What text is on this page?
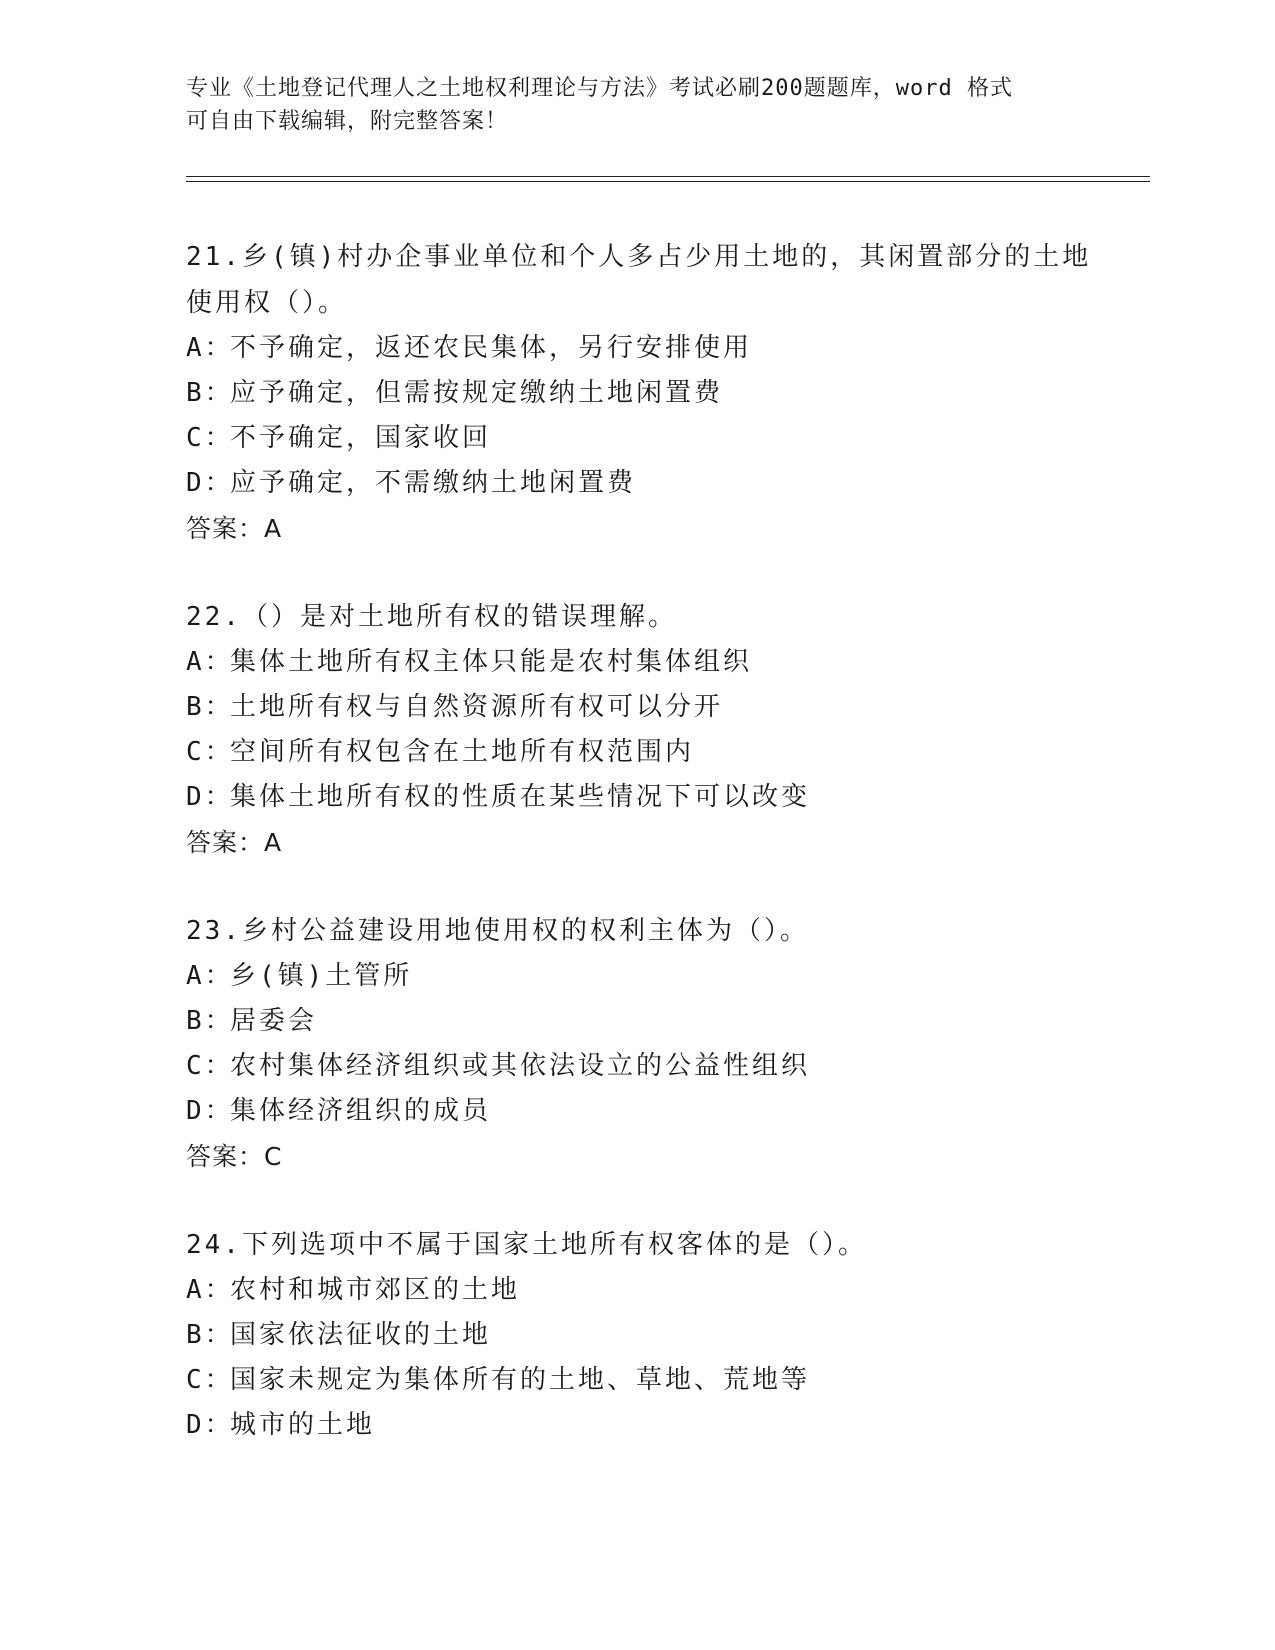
专业《土地登记代理人之土地权利理论与方法》考试必刷200题题库，word 格式
可自由下载编辑，附完整答案！
21.乡(镇)村办企事业单位和个人多占少用土地的，其闲置部分的土地
使用权（）。
A：不予确定，返还农民集体，另行安排使用
B：应予确定，但需按规定缴纳土地闲置费
C：不予确定，国家收回
D：应予确定，不需缴纳土地闲置费
答案：A
22.（）是对土地所有权的错误理解。
A：集体土地所有权主体只能是农村集体组织
B：土地所有权与自然资源所有权可以分开
C：空间所有权包含在土地所有权范围内
D：集体土地所有权的性质在某些情况下可以改变
答案：A
23.乡村公益建设用地使用权的权利主体为（）。
A：乡(镇)土管所
B：居委会
C：农村集体经济组织或其依法设立的公益性组织
D：集体经济组织的成员
答案：C
24.下列选项中不属于国家土地所有权客体的是（）。
A：农村和城市郊区的土地
B：国家依法征收的土地
C：国家未规定为集体所有的土地、草地、荒地等
D：城市的土地
